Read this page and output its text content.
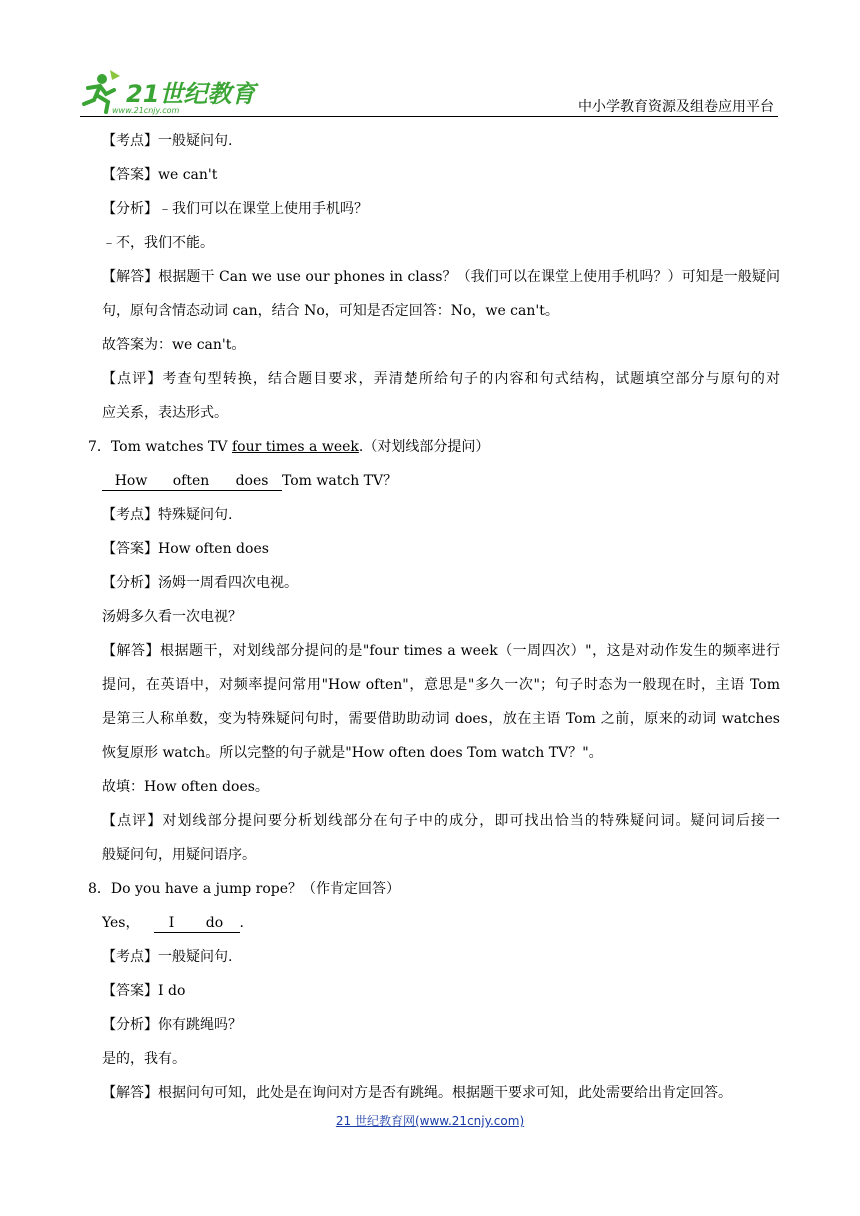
21世纪教育
www.21cnjy.com	中小学教育资源及组卷应用平台
【考点】一般疑问句.
【答案】we can't
【分析】﹣我们可以在课堂上使用手机吗？
﹣不，我们不能。
【解答】根据题干 Can we use our phones in class？（我们可以在课堂上使用手机吗？）可知是一般疑问
句，原句含情态动词 can，结合 No，可知是否定回答：No，we can't。
故答案为：we can't。
【点评】考查句型转换，结合题目要求，弄清楚所给句子的内容和句式结构，试题填空部分与原句的对
应关系，表达形式。
7．Tom watches TV four times a week.（对划线部分提问）
How often does Tom watch TV？
【考点】特殊疑问句.
【答案】How often does
【分析】汤姆一周看四次电视。
汤姆多久看一次电视？
【解答】根据题干，对划线部分提问的是"four times a week（一周四次）"，这是对动作发生的频率进行
提问，在英语中，对频率提问常用"How often"，意思是"多久一次"；句子时态为一般现在时，主语 Tom
是第三人称单数，变为特殊疑问句时，需要借助助动词 does，放在主语 Tom 之前，原来的动词 watches
恢复原形 watch。所以完整的句子就是"How often does Tom watch TV？"。
故填：How often does。
【点评】对划线部分提问要分析划线部分在句子中的成分，即可找出恰当的特殊疑问词。疑问词后接一
般疑问句，用疑问语序。
8．Do you have a jump rope？（作肯定回答）
Yes， I do .
【考点】一般疑问句.
【答案】I do
【分析】你有跳绳吗？
是的，我有。
【解答】根据问句可知，此处是在询问对方是否有跳绳。根据题干要求可知，此处需要给出肯定回答。
21 世纪教育网(www.21cnjy.com)
